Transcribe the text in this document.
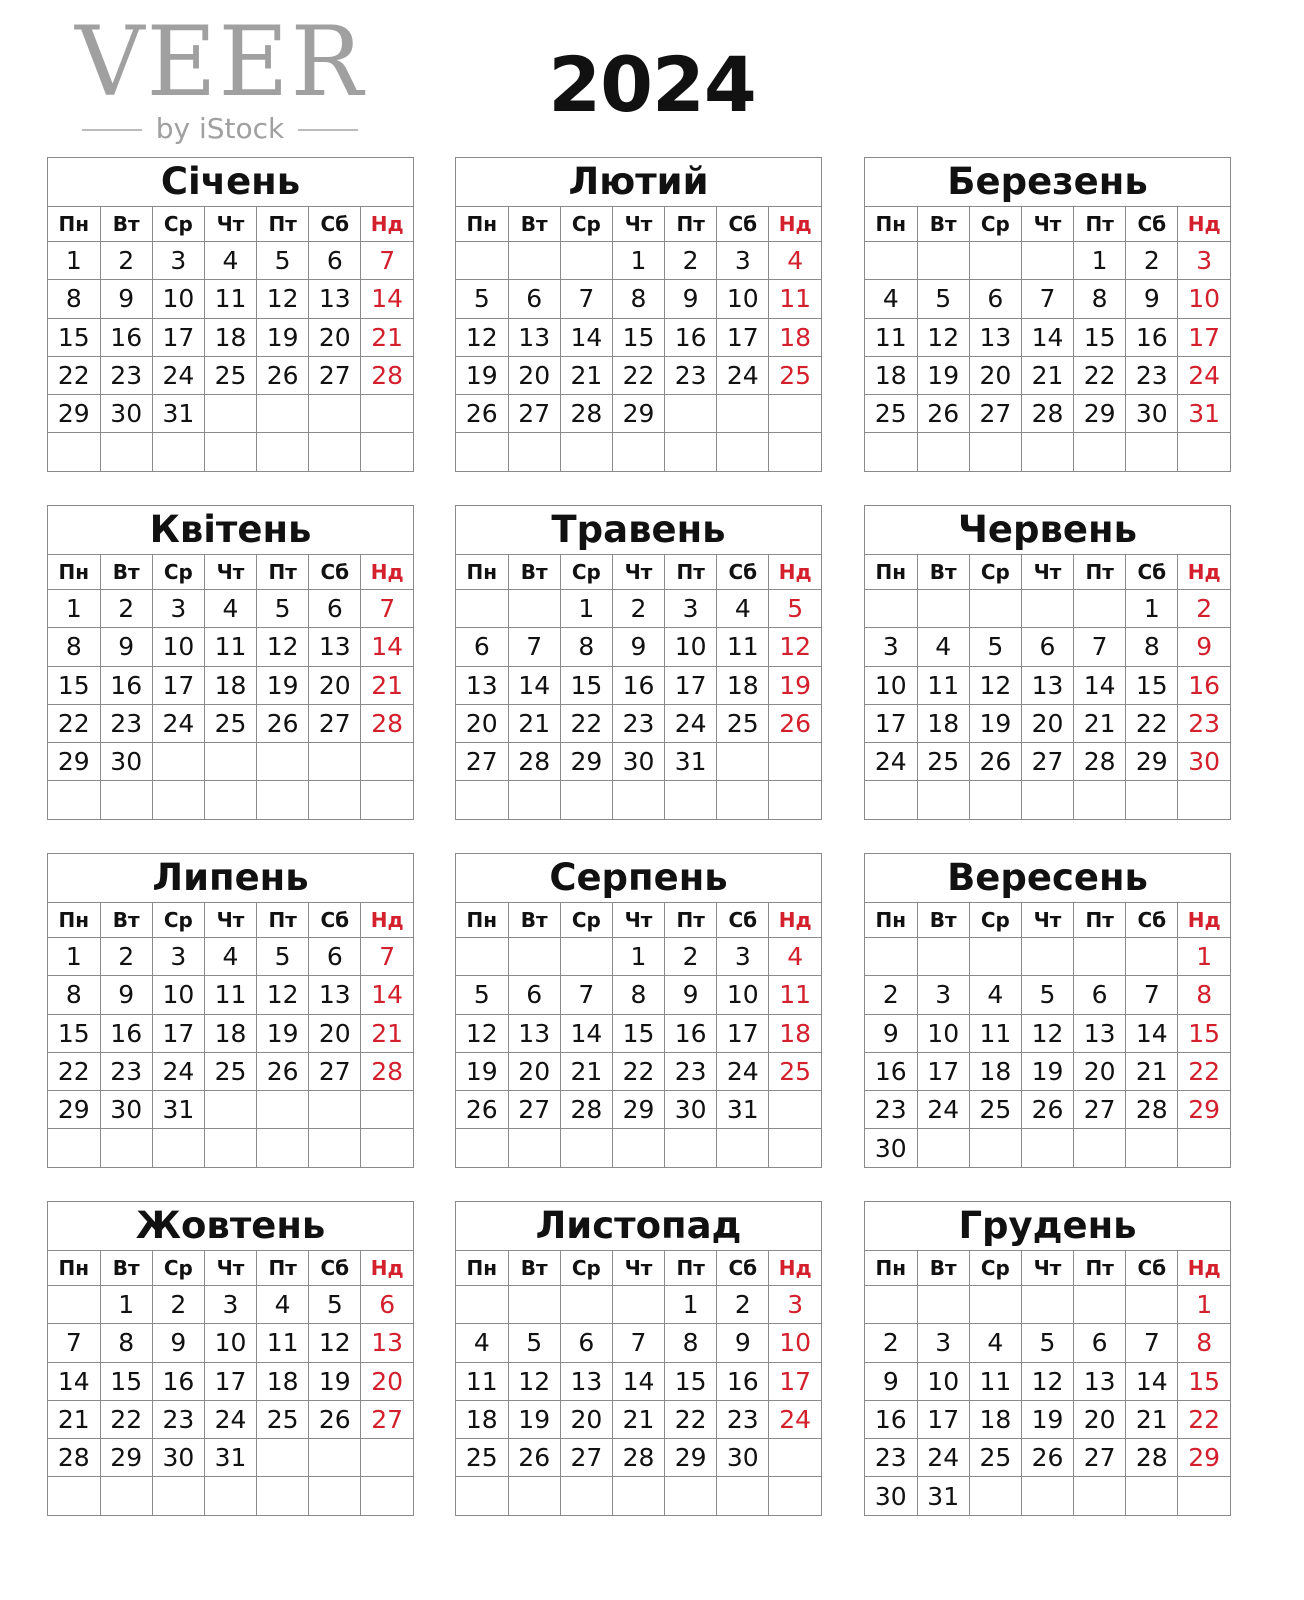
2024
Січень
Пн	Вт	Ср	Чт	Пт	Сб	Нд
1	2	3	4	5	6	7
8	9	10	11	12	13	14
15	16	17	18	19	20	21
22	23	24	25	26	27	28
29	30	31				

Лютий
Пн	Вт	Ср	Чт	Пт	Сб	Нд
			1	2	3	4
5	6	7	8	9	10	11
12	13	14	15	16	17	18
19	20	21	22	23	24	25
26	27	28	29			

Березень
Пн	Вт	Ср	Чт	Пт	Сб	Нд
				1	2	3
4	5	6	7	8	9	10
11	12	13	14	15	16	17
18	19	20	21	22	23	24
25	26	27	28	29	30	31

Квітень
Пн	Вт	Ср	Чт	Пт	Сб	Нд
1	2	3	4	5	6	7
8	9	10	11	12	13	14
15	16	17	18	19	20	21
22	23	24	25	26	27	28
29	30					

Травень
Пн	Вт	Ср	Чт	Пт	Сб	Нд
		1	2	3	4	5
6	7	8	9	10	11	12
13	14	15	16	17	18	19
20	21	22	23	24	25	26
27	28	29	30	31		

Червень
Пн	Вт	Ср	Чт	Пт	Сб	Нд
					1	2
3	4	5	6	7	8	9
10	11	12	13	14	15	16
17	18	19	20	21	22	23
24	25	26	27	28	29	30

Липень
Пн	Вт	Ср	Чт	Пт	Сб	Нд
1	2	3	4	5	6	7
8	9	10	11	12	13	14
15	16	17	18	19	20	21
22	23	24	25	26	27	28
29	30	31				

Серпень
Пн	Вт	Ср	Чт	Пт	Сб	Нд
			1	2	3	4
5	6	7	8	9	10	11
12	13	14	15	16	17	18
19	20	21	22	23	24	25
26	27	28	29	30	31	

Вересень
Пн	Вт	Ср	Чт	Пт	Сб	Нд
						1
2	3	4	5	6	7	8
9	10	11	12	13	14	15
16	17	18	19	20	21	22
23	24	25	26	27	28	29
30						
Жовтень
Пн	Вт	Ср	Чт	Пт	Сб	Нд
	1	2	3	4	5	6
7	8	9	10	11	12	13
14	15	16	17	18	19	20
21	22	23	24	25	26	27
28	29	30	31			

Листопад
Пн	Вт	Ср	Чт	Пт	Сб	Нд
				1	2	3
4	5	6	7	8	9	10
11	12	13	14	15	16	17
18	19	20	21	22	23	24
25	26	27	28	29	30	

Грудень
Пн	Вт	Ср	Чт	Пт	Сб	Нд
						1
2	3	4	5	6	7	8
9	10	11	12	13	14	15
16	17	18	19	20	21	22
23	24	25	26	27	28	29
30	31					
VEER
by iStock
